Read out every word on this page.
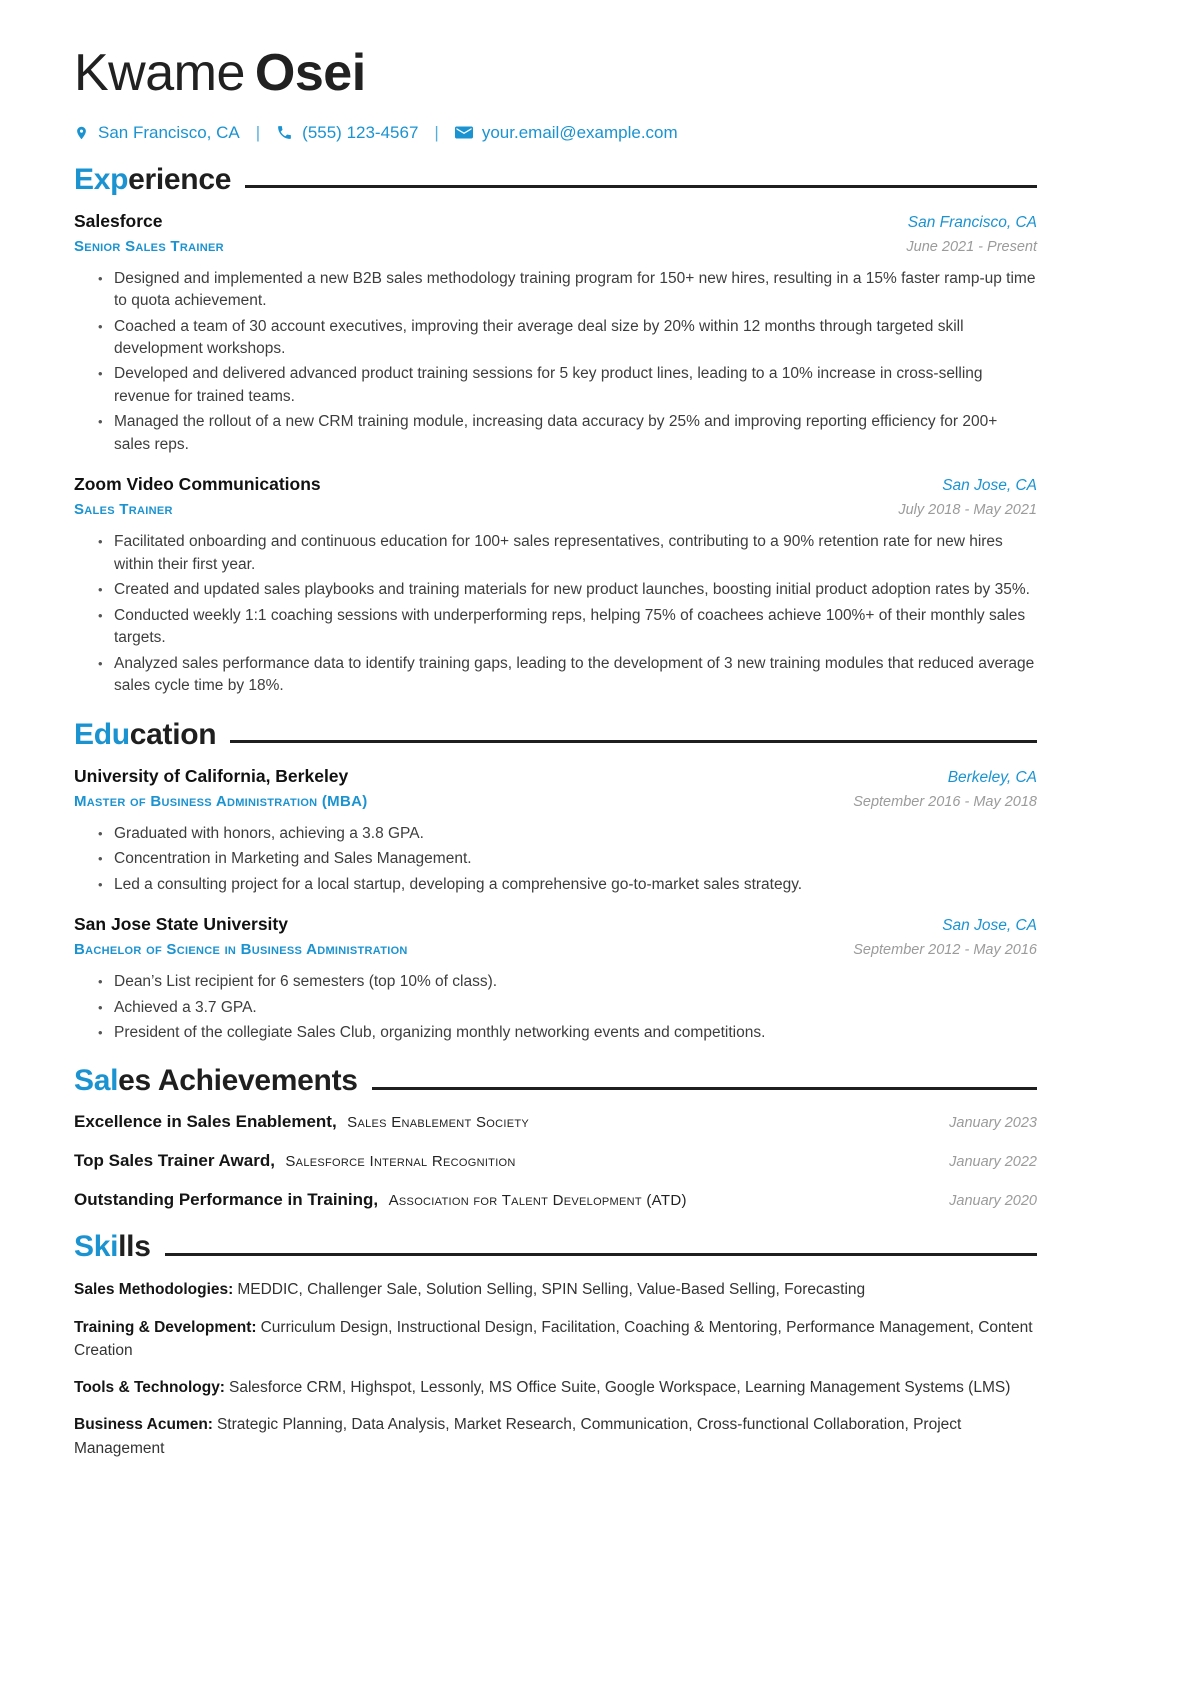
Kwame Osei
San Francisco, CA | (555) 123-4567 |	your.email@example.com
Exp erience
Salesforce	San Francisco, CA
Senior Sales Trainer	June 2021 - Present
• Designed and implemented a new B2B sales methodology training program for 150+ new hires, resulting in a 15% faster ramp-up time to quota achievement.
• Coached a team of 30 account executives, improving their average deal size by 20% within 12 months through targeted skill development workshops.
• Developed and delivered advanced product training sessions for 5 key product lines, leading to a 10% increase in cross-selling revenue for trained teams.
• Managed the rollout of a new CRM training module, increasing data accuracy by 25% and improving reporting efficiency for 200+ sales reps.
Zoom Video Communications	San Jose, CA
Sales Trainer	July 2018 - May 2021
• Facilitated onboarding and continuous education for 100+ sales representatives, contributing to a 90% retention rate for new hires within their first year.
• Created and updated sales playbooks and training materials for new product launches, boosting initial product adoption rates by 35%.
• Conducted weekly 1:1 coaching sessions with underperforming reps, helping 75% of coachees achieve 100%+ of their monthly sales targets.
• Analyzed sales performance data to identify training gaps, leading to the development of 3 new training modules that reduced average sales cycle time by 18%.
Edu cation
University of California, Berkeley	Berkeley, CA
Master of Business Administration (MBA)	September 2016 - May 2018
• Graduated with honors, achieving a 3.8 GPA.
• Concentration in Marketing and Sales Management.
• Led a consulting project for a local startup, developing a comprehensive go-to-market sales strategy.
San Jose State University	San Jose, CA
Bachelor of Science in Business Administration	September 2012 - May 2016
• Dean’s List recipient for 6 semesters (top 10% of class).
• Achieved a 3.7 GPA.
• President of the collegiate Sales Club, organizing monthly networking events and competitions.
Sal es Achievements
Excellence in Sales Enablement, Sales Enablement Society	January 2023
Top Sales Trainer Award, Salesforce Internal Recognition	January 2022
Outstanding Performance in Training, Association for Talent Development (ATD)	January 2020
Ski lls

Sales Methodologies: MEDDIC, Challenger Sale, Solution Selling, SPIN Selling, Value-Based Selling, Forecasting

Training & Development: Curriculum Design, Instructional Design, Facilitation, Coaching & Mentoring, Performance Management, Content Creation

Tools & Technology: Salesforce CRM, Highspot, Lessonly, MS Office Suite, Google Workspace, Learning Management Systems (LMS)

Business Acumen: Strategic Planning, Data Analysis, Market Research, Communication, Cross-functional Collaboration, Project Management
